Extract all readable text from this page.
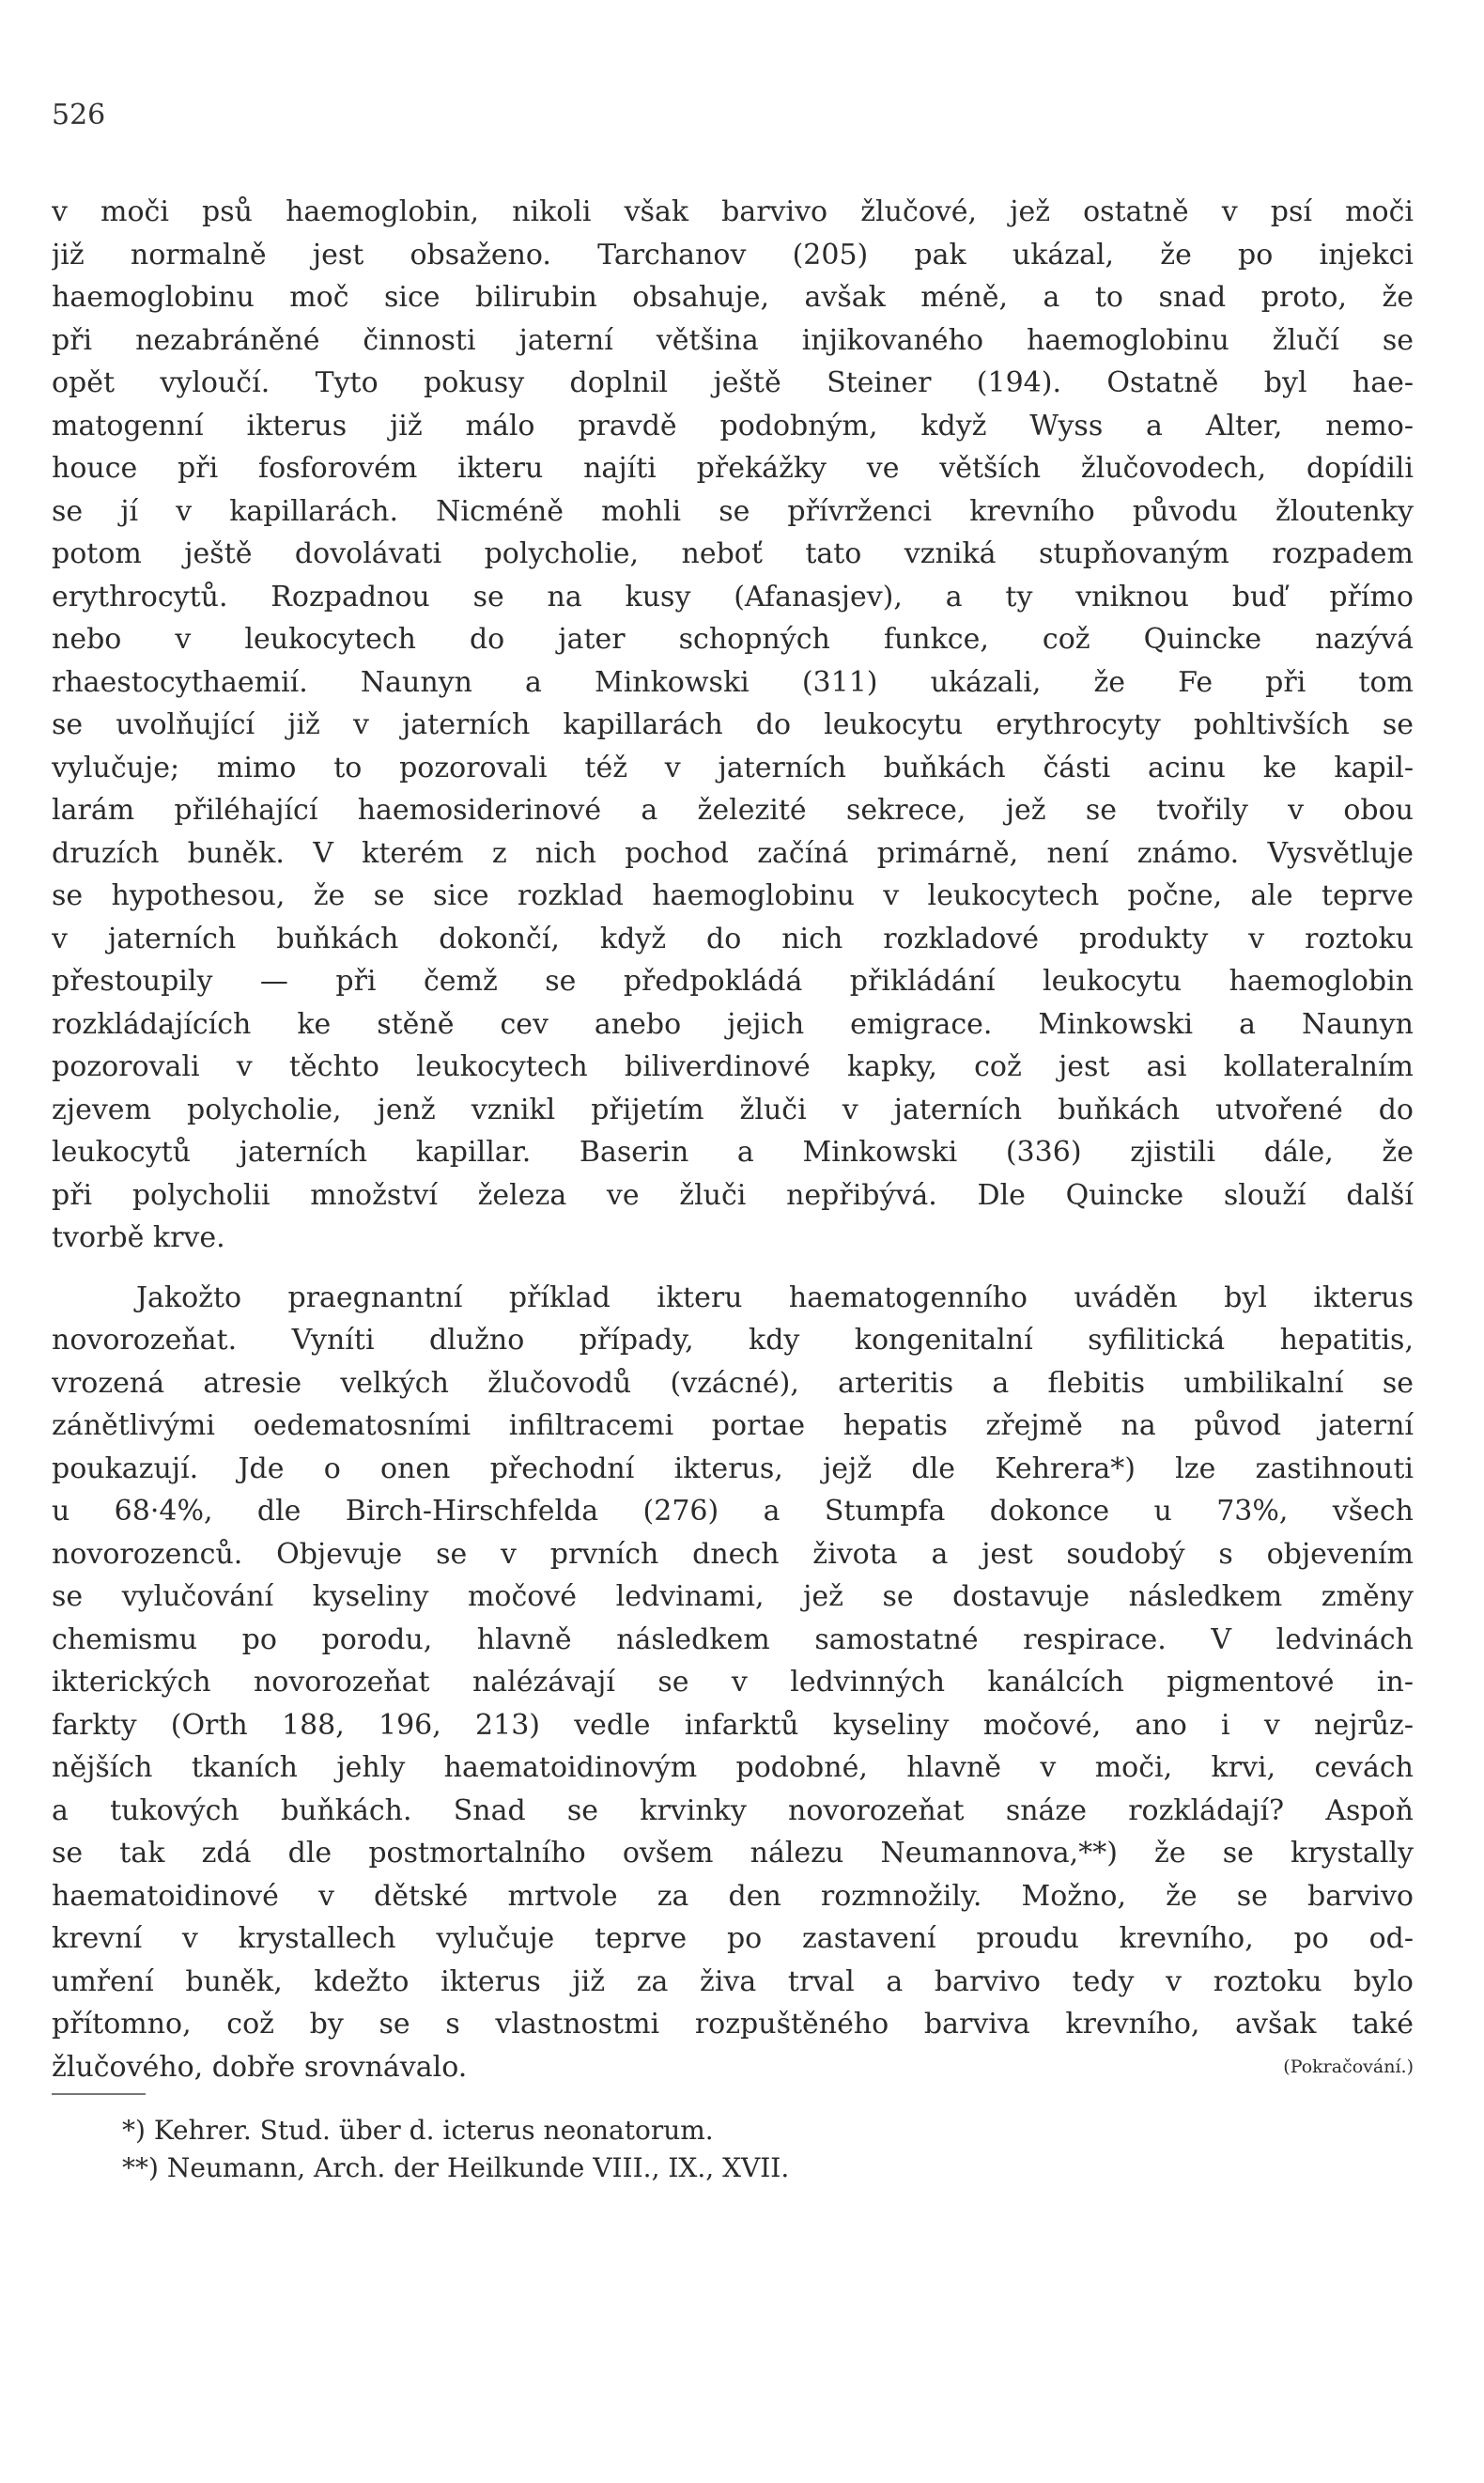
526
v moči psů haemoglobin, nikoli však barvivo žlučové, jež ostatně v psí moči
již normalně jest obsaženo. Tarchanov (205) pak ukázal, že po injekci
haemoglobinu moč sice bilirubin obsahuje, avšak méně, a to snad proto, že
při nezabráněné činnosti jaterní většina injikovaného haemoglobinu žlučí se
opět vyloučí. Tyto pokusy doplnil ještě Steiner (194). Ostatně byl hae-
matogenní ikterus již málo pravdě podobným, když Wyss a Alter, nemo-
houce při fosforovém ikteru najíti překážky ve větších žlučovodech, dopídili
se jí v kapillarách. Nicméně mohli se přívrženci krevního původu žloutenky
potom ještě dovolávati polycholie, neboť tato vzniká stupňovaným rozpadem
erythrocytů. Rozpadnou se na kusy (Afanasjev), a ty vniknou buď přímo
nebo v leukocytech do jater schopných funkce, což Quincke nazývá
rhaestocythaemií. Naunyn a Minkowski (311) ukázali, že Fe při tom
se uvolňující již v jaterních kapillarách do leukocytu erythrocyty pohltivších se
vylučuje; mimo to pozorovali též v jaterních buňkách části acinu ke kapil-
larám přiléhající haemosiderinové a železité sekrece, jež se tvořily v obou
druzích buněk. V kterém z nich pochod začíná primárně, není známo. Vysvětluje
se hypothesou, že se sice rozklad haemoglobinu v leukocytech počne, ale teprve
v jaterních buňkách dokončí, když do nich rozkladové produkty v roztoku
přestoupily — při čemž se předpokládá přikládání leukocytu haemoglobin
rozkládajících ke stěně cev anebo jejich emigrace. Minkowski a Naunyn
pozorovali v těchto leukocytech biliverdinové kapky, což jest asi kollateralním
zjevem polycholie, jenž vznikl přijetím žluči v jaterních buňkách utvořené do
leukocytů jaterních kapillar. Baserin a Minkowski (336) zjistili dále, že
při polycholii množství železa ve žluči nepřibývá. Dle Quincke slouží další
tvorbě krve.
Jakožto praegnantní příklad ikteru haematogenního uváděn byl ikterus
novorozeňat. Vyníti dlužno případy, kdy kongenitalní syfilitická hepatitis,
vrozená atresie velkých žlučovodů (vzácné), arteritis a flebitis umbilikalní se
zánětlivými oedematosními infiltracemi portae hepatis zřejmě na původ jaterní
poukazují. Jde o onen přechodní ikterus, jejž dle Kehrera*) lze zastihnouti
u 68·4%, dle Birch-Hirschfelda (276) a Stumpfa dokonce u 73%, všech
novorozenců. Objevuje se v prvních dnech života a jest soudobý s objevením
se vylučování kyseliny močové ledvinami, jež se dostavuje následkem změny
chemismu po porodu, hlavně následkem samostatné respirace. V ledvinách
ikterických novorozeňat nalézávají se v ledvinných kanálcích pigmentové in-
farkty (Orth 188, 196, 213) vedle infarktů kyseliny močové, ano i v nejrůz-
nějších tkaních jehly haematoidinovým podobné, hlavně v moči, krvi, cevách
a tukových buňkách. Snad se krvinky novorozeňat snáze rozkládají? Aspoň
se tak zdá dle postmortalního ovšem nálezu Neumannova,**) že se krystally
haematoidinové v dětské mrtvole za den rozmnožily. Možno, že se barvivo
krevní v krystallech vylučuje teprve po zastavení proudu krevního, po od-
umření buněk, kdežto ikterus již za živa trval a barvivo tedy v roztoku bylo
přítomno, což by se s vlastnostmi rozpuštěného barviva krevního, avšak také
žlučového, dobře srovnávalo.	(Pokračování.)
*) Kehrer. Stud. über d. icterus neonatorum.
**) Neumann, Arch. der Heilkunde VIII., IX., XVII.
